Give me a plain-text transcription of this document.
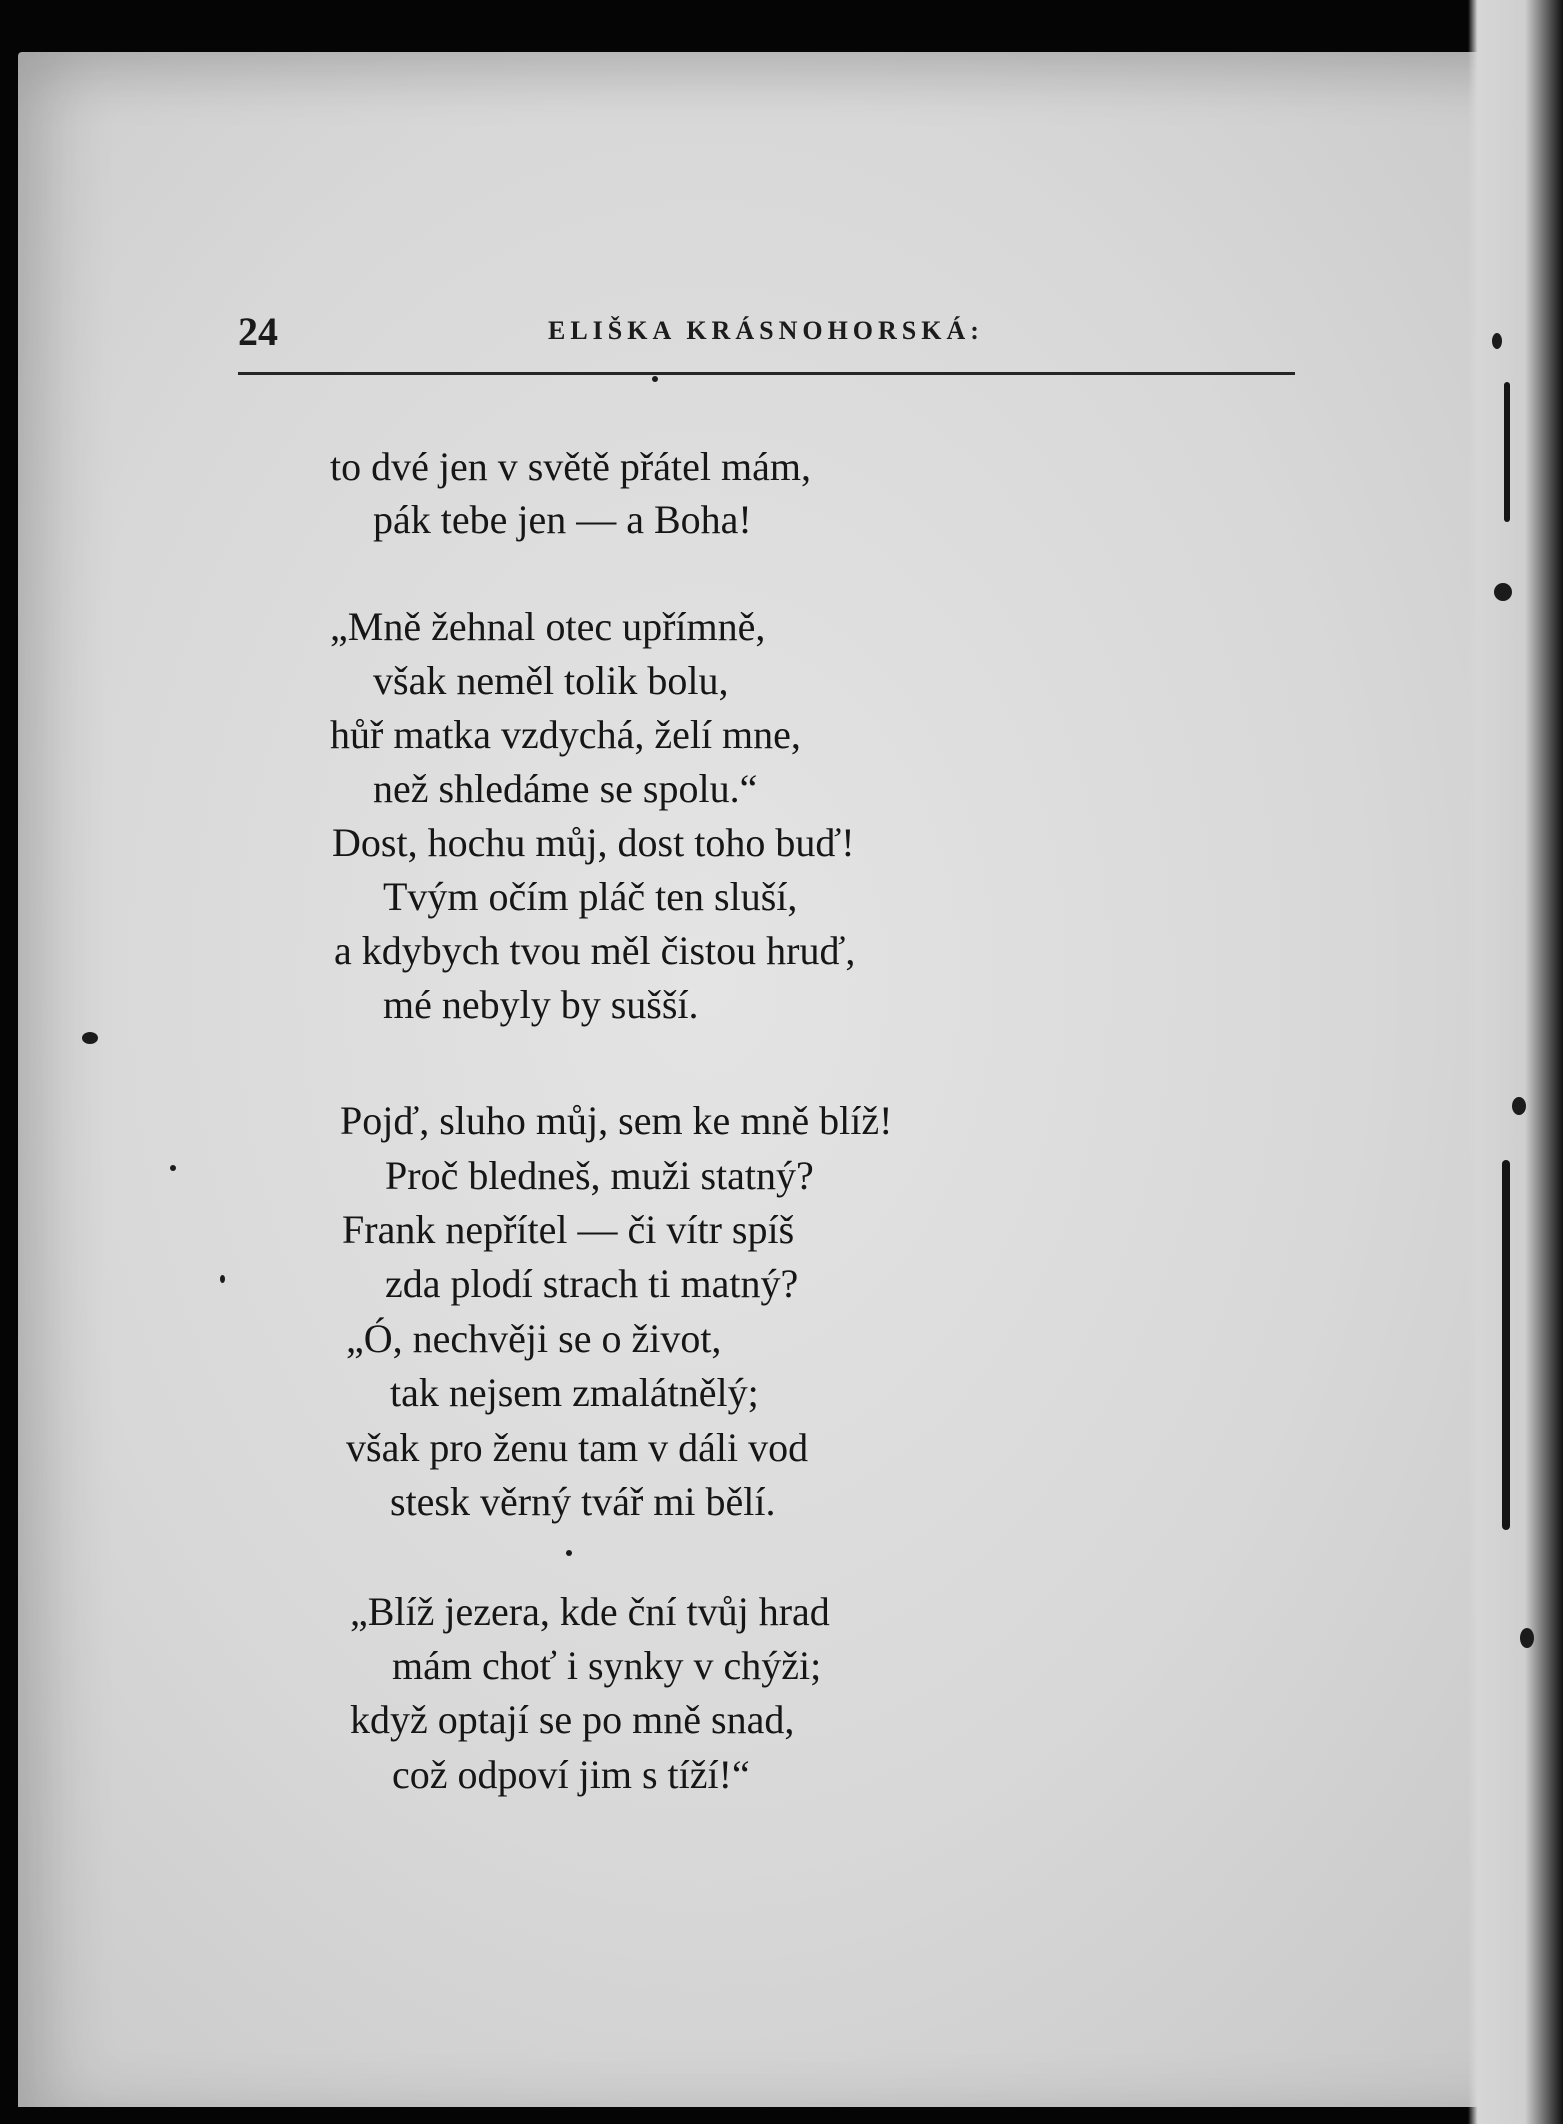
24	ELIŠKA KRÁSNOHORSKÁ:
to dvé jen v světě přátel mám,
pák tebe jen — a Boha!
„Mně žehnal otec upřímně,
však neměl tolik bolu,
hůř matka vzdychá, želí mne,
než shledáme se spolu.“
Dost, hochu můj, dost toho buď!
Tvým očím pláč ten sluší,
a kdybych tvou měl čistou hruď,
mé nebyly by sušší.
Pojď, sluho můj, sem ke mně blíž!
Proč bledneš, muži statný?
Frank nepřítel — či vítr spíš
zda plodí strach ti matný?
„Ó, nechvěji se o život,
tak nejsem zmalátnělý;
však pro ženu tam v dáli vod
stesk věrný tvář mi bělí.
„Blíž jezera, kde ční tvůj hrad
mám choť i synky v chýži;
když optají se po mně snad,
což odpoví jim s tíží!“
